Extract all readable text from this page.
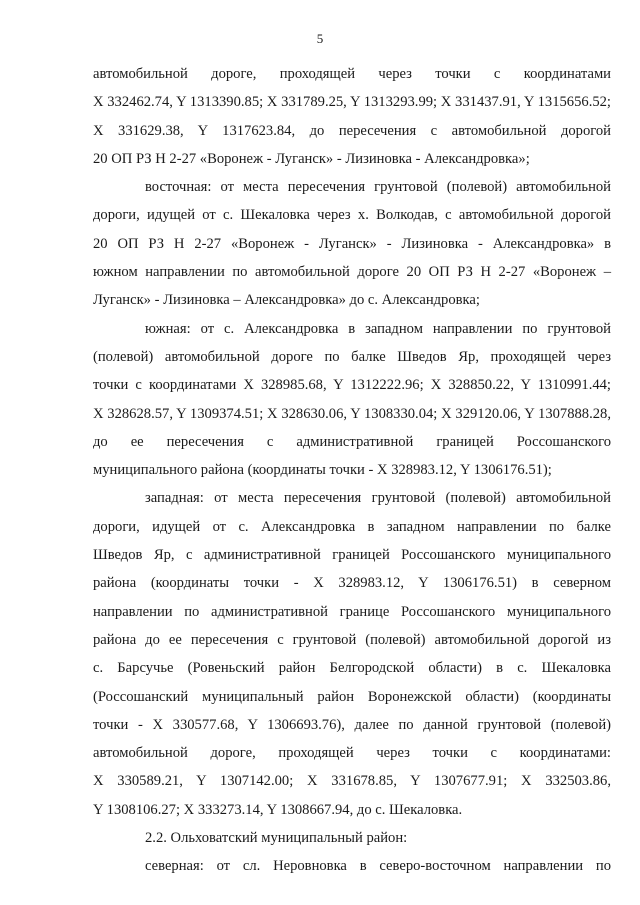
5
автомобильной дороге, проходящей через точки с координатами
X 332462.74, Y 1313390.85; X 331789.25, Y 1313293.99; X 331437.91, Y 1315656.52;
X 331629.38, Y 1317623.84, до пересечения с автомобильной дорогой
20 ОП РЗ Н 2-27 «Воронеж - Луганск» - Лизиновка - Александровка»;
восточная: от места пересечения грунтовой (полевой) автомобильной
дороги, идущей от с. Шекаловка через х. Волкодав, с автомобильной дорогой
20 ОП РЗ Н 2-27 «Воронеж - Луганск» - Лизиновка - Александровка» в
южном направлении по автомобильной дороге 20 ОП РЗ Н 2-27 «Воронеж –
Луганск» - Лизиновка – Александровка» до с. Александровка;
южная: от с. Александровка в западном направлении по грунтовой
(полевой) автомобильной дороге по балке Шведов Яр, проходящей через
точки с координатами X 328985.68, Y 1312222.96; X 328850.22, Y 1310991.44;
X 328628.57, Y 1309374.51; X 328630.06, Y 1308330.04; X 329120.06, Y 1307888.28,
до ее пересечения с административной границей Россошанского
муниципального района (координаты точки - X 328983.12, Y 1306176.51);
западная: от места пересечения грунтовой (полевой) автомобильной
дороги, идущей от с. Александровка в западном направлении по балке
Шведов Яр, с административной границей Россошанского муниципального
района (координаты точки - X 328983.12, Y 1306176.51) в северном
направлении по административной границе Россошанского муниципального
района до ее пересечения с грунтовой (полевой) автомобильной дорогой из
с. Барсучье (Ровеньский район Белгородской области) в с. Шекаловка
(Россошанский муниципальный район Воронежской области) (координаты
точки - X 330577.68, Y 1306693.76), далее по данной грунтовой (полевой)
автомобильной дороге, проходящей через точки с координатами:
X 330589.21, Y 1307142.00; X 331678.85, Y 1307677.91; X 332503.86,
Y 1308106.27; X 333273.14, Y 1308667.94, до с. Шекаловка.
2.2. Ольховатский муниципальный район:
северная: от сл. Неровновка в северо-восточном направлении по
